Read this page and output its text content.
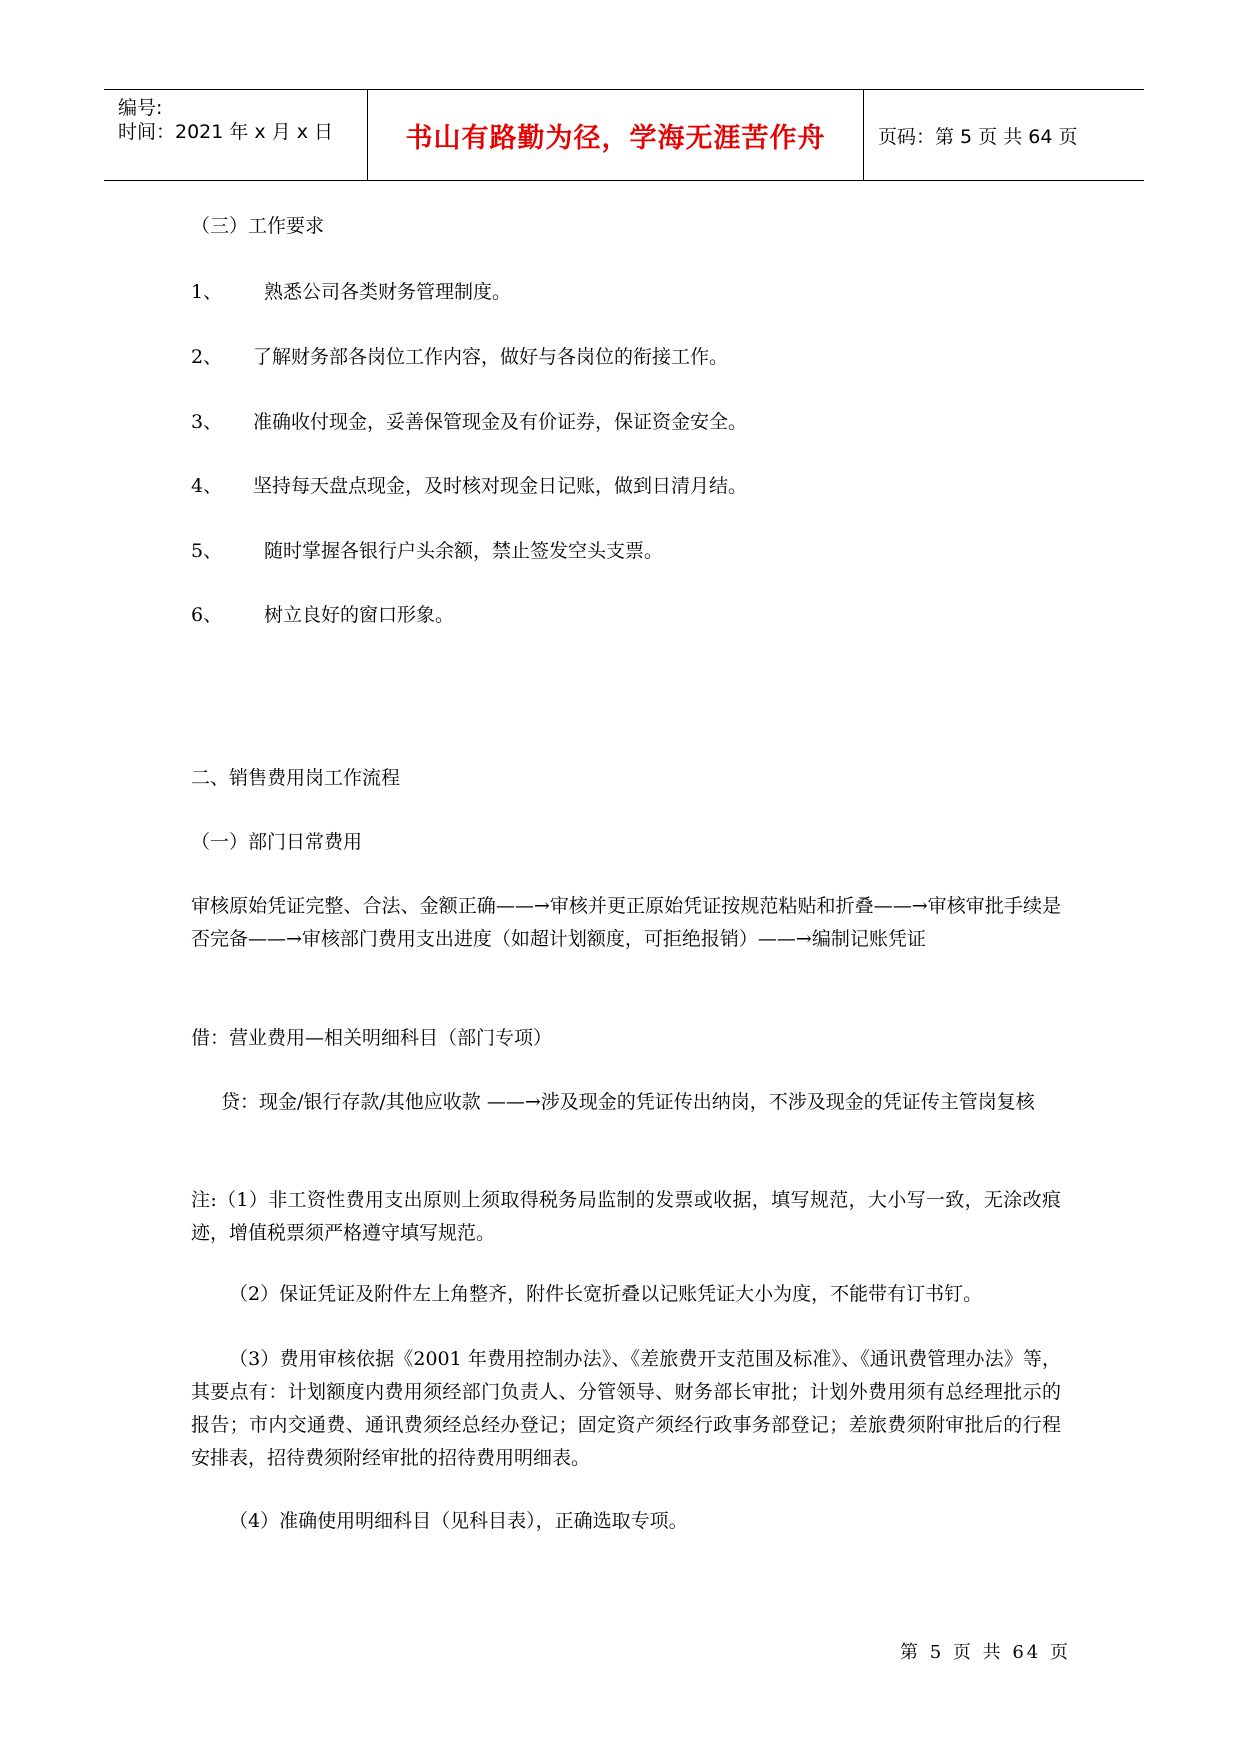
编号:
时间：2021 年 x 月 x 日	书山有路勤为径，学海无涯苦作舟	页码：第 5 页 共 64 页
（三）工作要求
1、 熟悉公司各类财务管理制度。
2、 了解财务部各岗位工作内容，做好与各岗位的衔接工作。
3、 准确收付现金，妥善保管现金及有价证券，保证资金安全。
4、 坚持每天盘点现金，及时核对现金日记账，做到日清月结。
5、 随时掌握各银行户头余额，禁止签发空头支票。
6、 树立良好的窗口形象。
二、销售费用岗工作流程
（一）部门日常费用
审核原始凭证完整、合法、金额正确——→审核并更正原始凭证按规范粘贴和折叠——→审核审批手续是否完备——→审核部门费用支出进度（如超计划额度，可拒绝报销）——→编制记账凭证
借：营业费用—相关明细科目（部门专项）
贷：现金/银行存款/其他应收款 ——→涉及现金的凭证传出纳岗，不涉及现金的凭证传主管岗复核
注:（1）非工资性费用支出原则上须取得税务局监制的发票或收据，填写规范，大小写一致，无涂改痕迹，增值税票须严格遵守填写规范。
（2）保证凭证及附件左上角整齐，附件长宽折叠以记账凭证大小为度，不能带有订书钉。
（3）费用审核依据《2001 年费用控制办法》、《差旅费开支范围及标准》、《通讯费管理办法》等，其要点有：计划额度内费用须经部门负责人、分管领导、财务部长审批；计划外费用须有总经理批示的报告；市内交通费、通讯费须经总经办登记；固定资产须经行政事务部登记；差旅费须附审批后的行程安排表，招待费须附经审批的招待费用明细表。
（4）准确使用明细科目（见科目表），正确选取专项。
第 5 页 共 64 页
